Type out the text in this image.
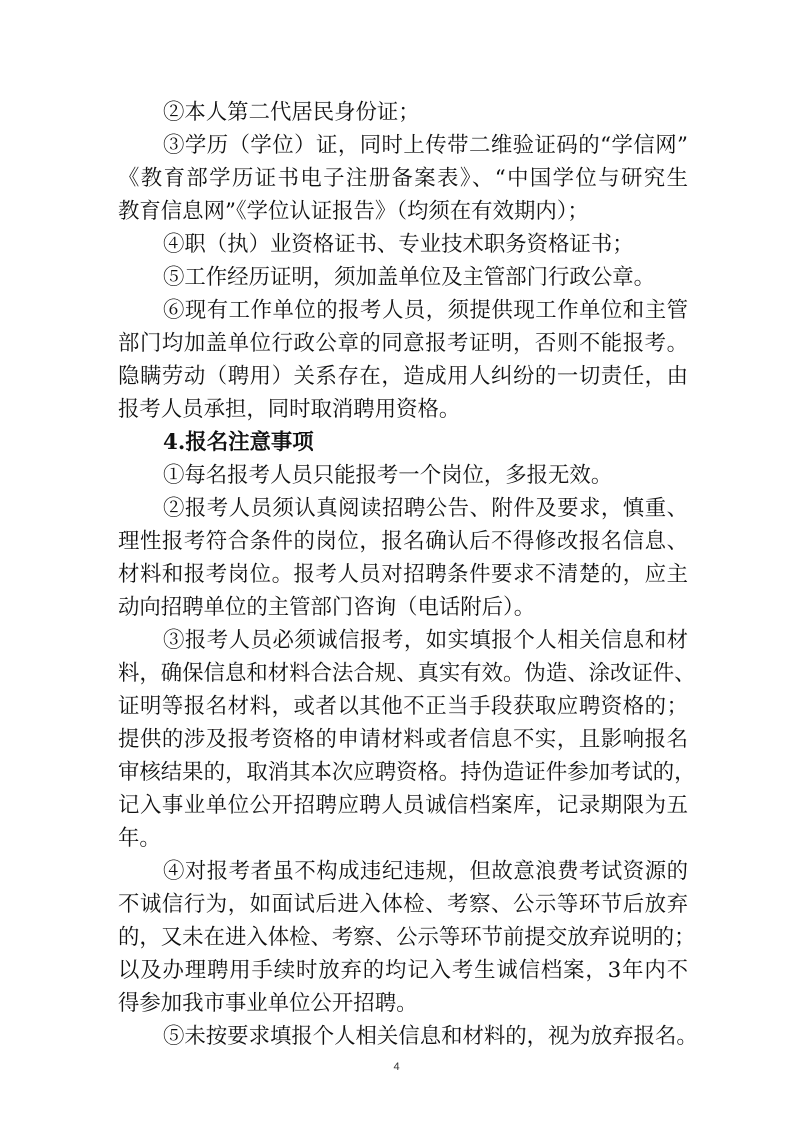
②本人第二代居民身份证；
③学历（学位）证，同时上传带二维验证码的“学信网”
《教育部学历证书电子注册备案表》、“中国学位与研究生
教育信息网”《学位认证报告》（均须在有效期内）；
④职（执）业资格证书、专业技术职务资格证书；
⑤工作经历证明，须加盖单位及主管部门行政公章。
⑥现有工作单位的报考人员，须提供现工作单位和主管
部门均加盖单位行政公章的同意报考证明，否则不能报考。
隐瞒劳动（聘用）关系存在，造成用人纠纷的一切责任，由
报考人员承担，同时取消聘用资格。
4.报名注意事项
①每名报考人员只能报考一个岗位，多报无效。
②报考人员须认真阅读招聘公告、附件及要求，慎重、
理性报考符合条件的岗位，报名确认后不得修改报名信息、
材料和报考岗位。报考人员对招聘条件要求不清楚的，应主
动向招聘单位的主管部门咨询（电话附后）。
③报考人员必须诚信报考，如实填报个人相关信息和材
料，确保信息和材料合法合规、真实有效。伪造、涂改证件、
证明等报名材料，或者以其他不正当手段获取应聘资格的；
提供的涉及报考资格的申请材料或者信息不实，且影响报名
审核结果的，取消其本次应聘资格。持伪造证件参加考试的，
记入事业单位公开招聘应聘人员诚信档案库，记录期限为五
年。
④对报考者虽不构成违纪违规，但故意浪费考试资源的
不诚信行为，如面试后进入体检、考察、公示等环节后放弃
的，又未在进入体检、考察、公示等环节前提交放弃说明的；
以及办理聘用手续时放弃的均记入考生诚信档案，3年内不
得参加我市事业单位公开招聘。
⑤未按要求填报个人相关信息和材料的，视为放弃报名。
4
